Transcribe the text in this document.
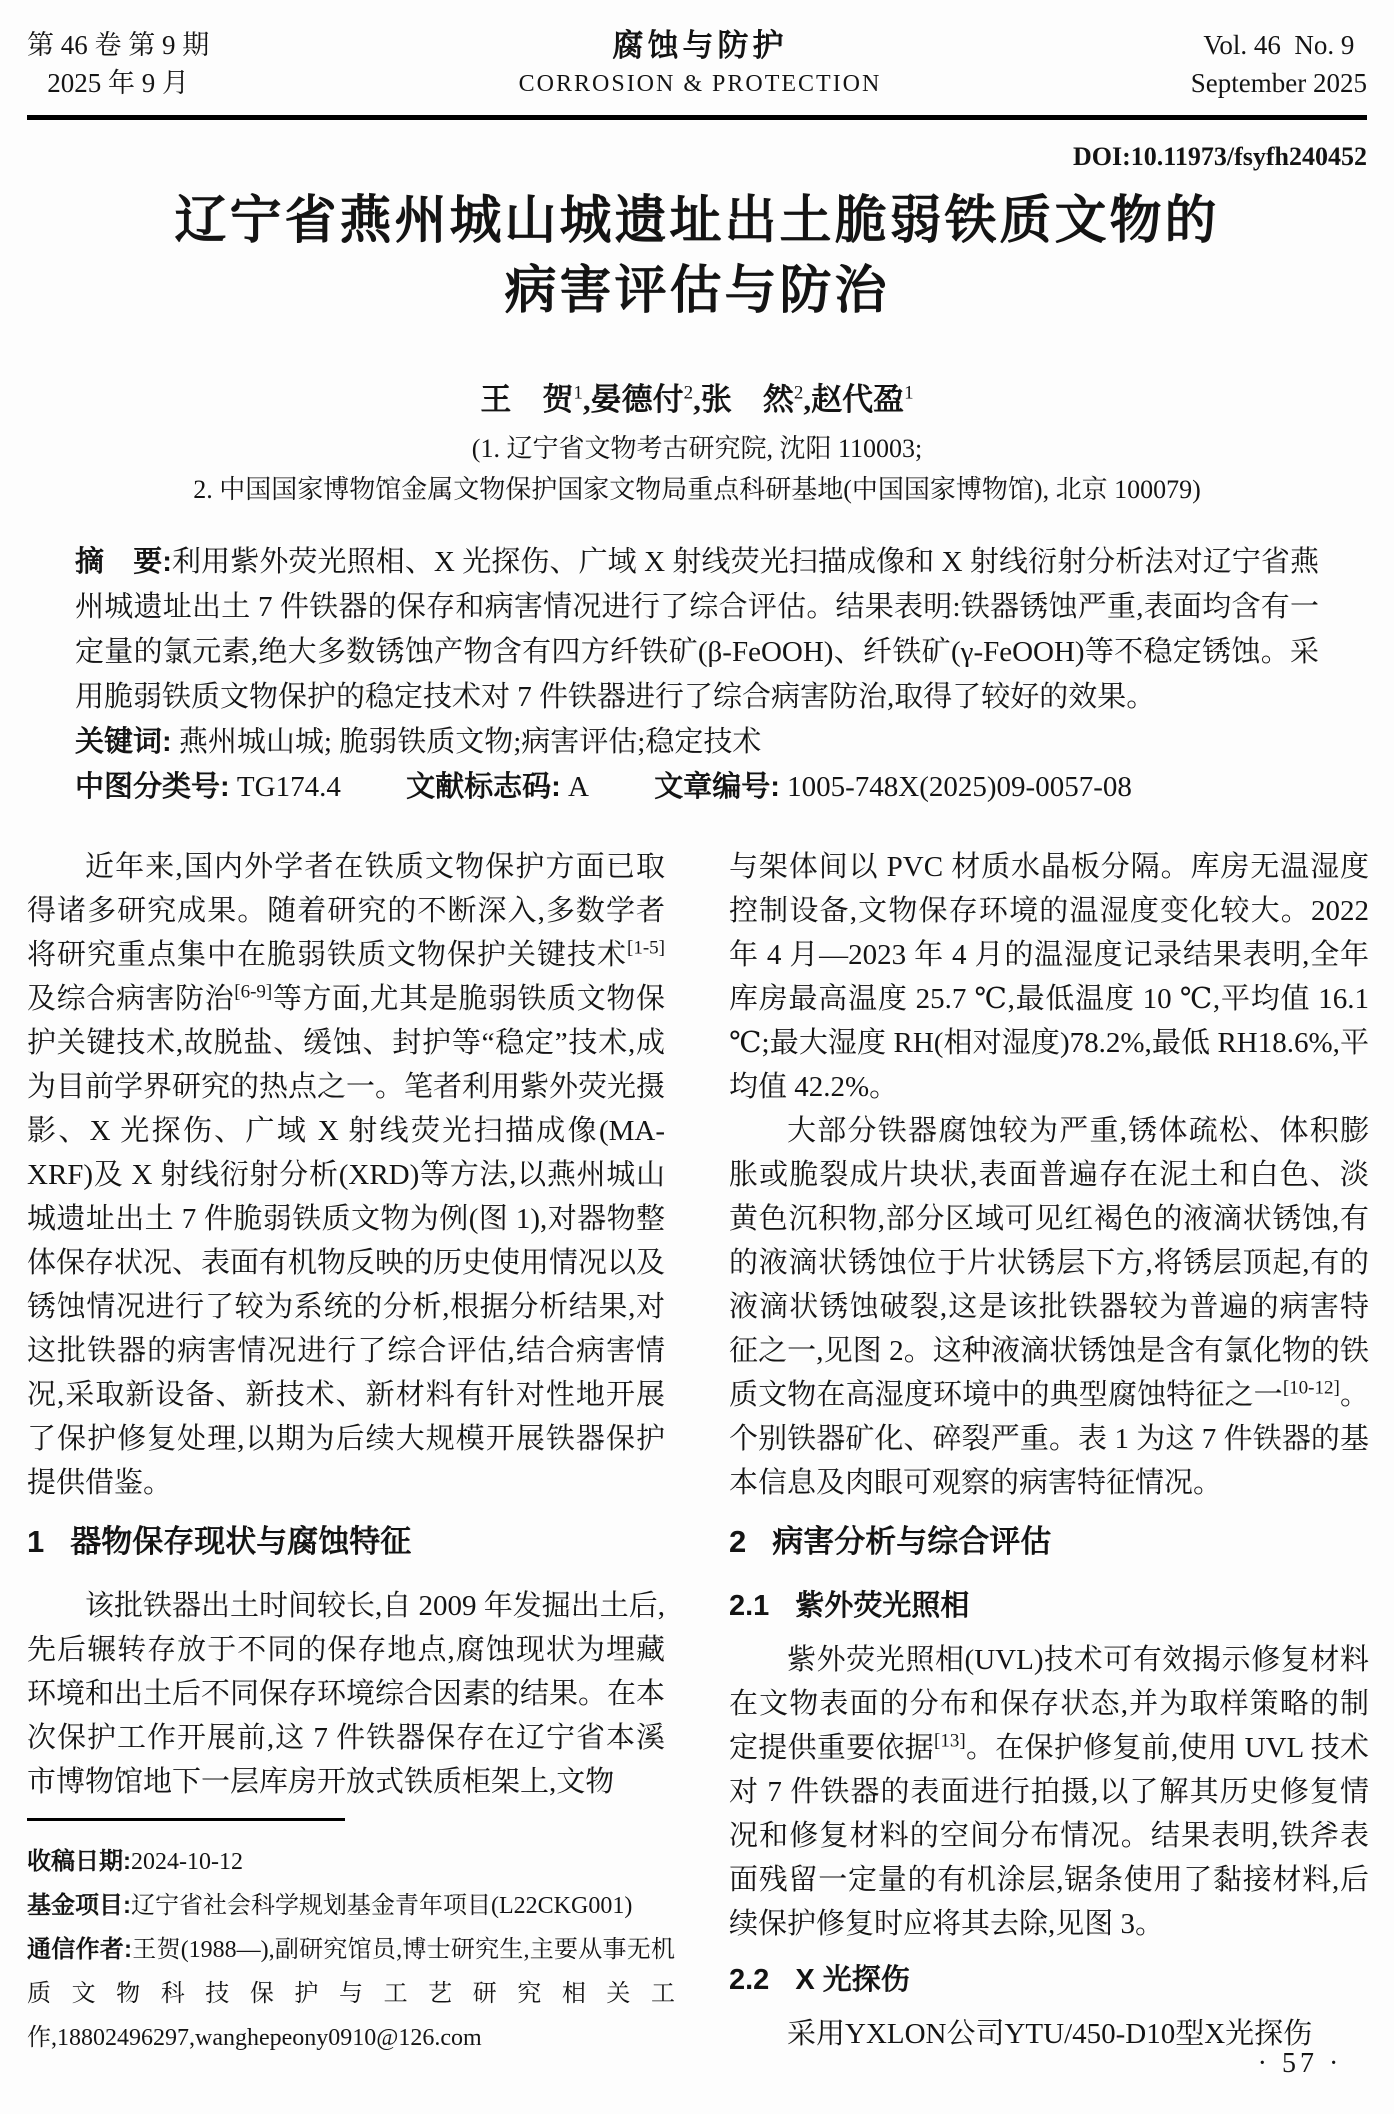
第 46 卷 第 9 期
2025 年 9 月
腐蚀与防护
CORROSION & PROTECTION
Vol. 46  No. 9
September 2025
DOI:10.11973/fsyfh240452
辽宁省燕州城山城遗址出土脆弱铁质文物的
病害评估与防治
王　贺$^1$,晏德付$^2$,张　然$^2$,赵代盈$^1$
(1. 辽宁省文物考古研究院, 沈阳 110003;
2. 中国国家博物馆金属文物保护国家文物局重点科研基地(中国国家博物馆), 北京 100079)

摘　要:利用紫外荧光照相、X 光探伤、广域 X 射线荧光扫描成像和 X 射线衍射分析法对辽宁省燕州城遗址出土 7 件铁器的保存和病害情况进行了综合评估。结果表明:铁器锈蚀严重,表面均含有一定量的氯元素,绝大多数锈蚀产物含有四方纤铁矿(β-FeOOH)、纤铁矿(γ-FeOOH)等不稳定锈蚀。采用脆弱铁质文物保护的稳定技术对 7 件铁器进行了综合病害防治,取得了较好的效果。

关键词: 燕州城山城; 脆弱铁质文物;病害评估;稳定技术

中图分类号: TG174.4 文献标志码: A 文章编号: 1005-748X(2025)09-0057-08

近年来,国内外学者在铁质文物保护方面已取得诸多研究成果。随着研究的不断深入,多数学者将研究重点集中在脆弱铁质文物保护关键技术[1-5]及综合病害防治[6-9]等方面,尤其是脆弱铁质文物保护关键技术,故脱盐、缓蚀、封护等“稳定”技术,成为目前学界研究的热点之一。笔者利用紫外荧光摄影、X 光探伤、广域 X 射线荧光扫描成像(MA-XRF)及 X 射线衍射分析(XRD)等方法,以燕州城山城遗址出土 7 件脆弱铁质文物为例(图 1),对器物整体保存状况、表面有机物反映的历史使用情况以及锈蚀情况进行了较为系统的分析,根据分析结果,对这批铁器的病害情况进行了综合评估,结合病害情况,采取新设备、新技术、新材料有针对性地开展了保护修复处理,以期为后续大规模开展铁器保护提供借鉴。

1 器物保存现状与腐蚀特征

该批铁器出土时间较长,自 2009 年发掘出土后,先后辗转存放于不同的保存地点,腐蚀现状为埋藏环境和出土后不同保存环境综合因素的结果。在本次保护工作开展前,这 7 件铁器保存在辽宁省本溪市博物馆地下一层库房开放式铁质柜架上,文物

与架体间以 PVC 材质水晶板分隔。库房无温湿度控制设备,文物保存环境的温湿度变化较大。2022 年 4 月—2023 年 4 月的温湿度记录结果表明,全年库房最高温度 25.7 ℃,最低温度 10 ℃,平均值 16.1 ℃;最大湿度 RH(相对湿度)78.2%,最低 RH18.6%,平均值 42.2%。

大部分铁器腐蚀较为严重,锈体疏松、体积膨胀或脆裂成片块状,表面普遍存在泥土和白色、淡黄色沉积物,部分区域可见红褐色的液滴状锈蚀,有的液滴状锈蚀位于片状锈层下方,将锈层顶起,有的液滴状锈蚀破裂,这是该批铁器较为普遍的病害特征之一,见图 2。这种液滴状锈蚀是含有氯化物的铁质文物在高湿度环境中的典型腐蚀特征之一[10-12]。个别铁器矿化、碎裂严重。表 1 为这 7 件铁器的基本信息及肉眼可观察的病害特征情况。

2 病害分析与综合评估
2.1 紫外荧光照相

紫外荧光照相(UVL)技术可有效揭示修复材料在文物表面的分布和保存状态,并为取样策略的制定提供重要依据[13]。在保护修复前,使用 UVL 技术对 7 件铁器的表面进行拍摄,以了解其历史修复情况和修复材料的空间分布情况。结果表明,铁斧表面残留一定量的有机涂层,锯条使用了黏接材料,后续保护修复时应将其去除,见图 3。

2.2 X 光探伤

采用YXLON公司YTU/450-D10型X光探伤

收稿日期:2024-10-12

基金项目:辽宁省社会科学规划基金青年项目(L22CKG001)

通信作者:王贺(1988—),副研究馆员,博士研究生,主要从事无机质文物科技保护与工艺研究相关工作,18802496297,wanghepeony0910@126.com

· 57 ·
